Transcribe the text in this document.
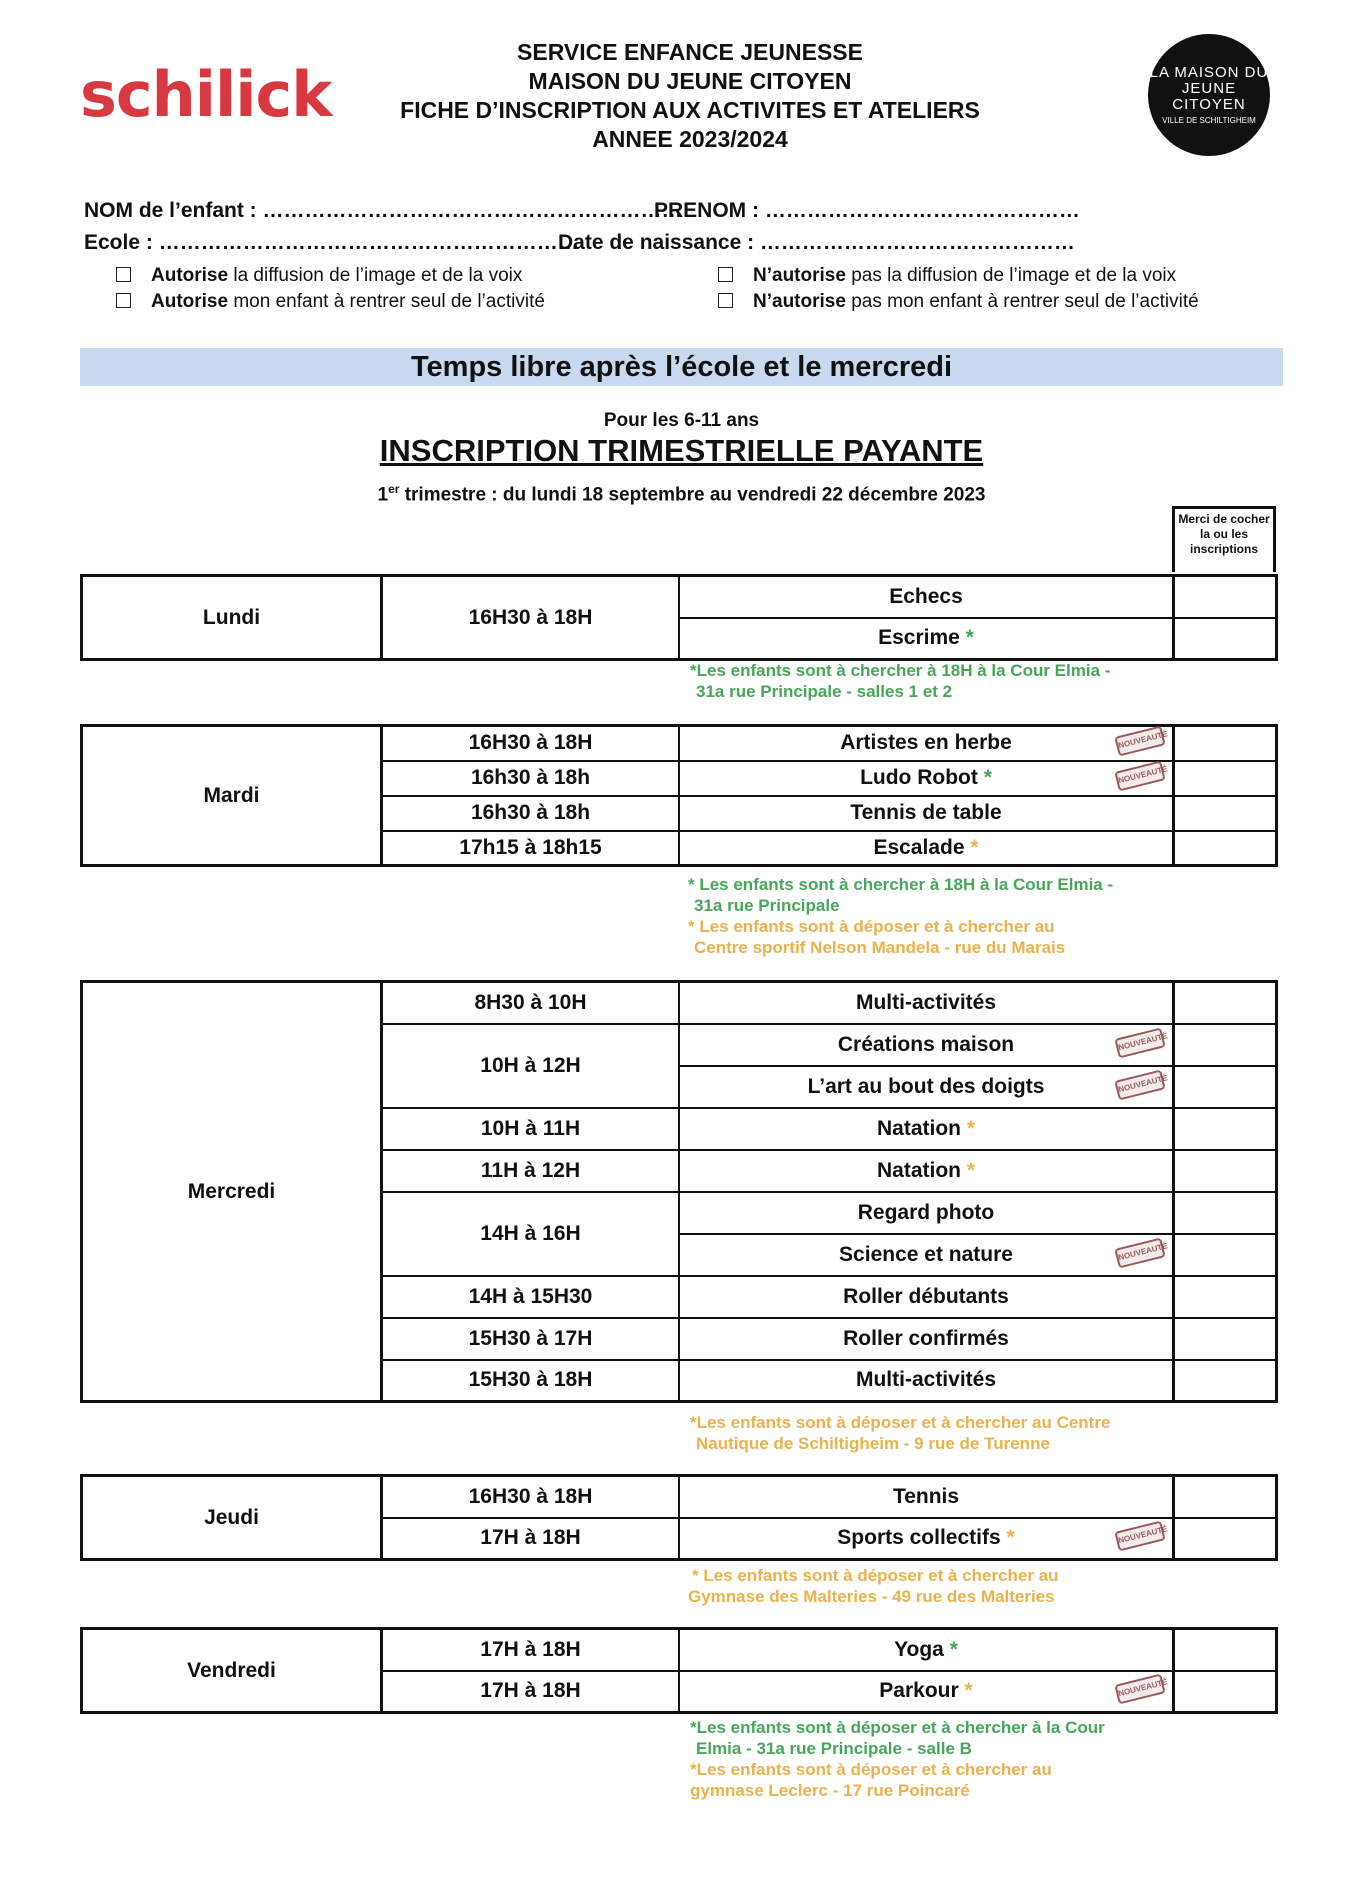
schilick
SERVICE ENFANCE JEUNESSE
MAISON DU JEUNE CITOYEN
FICHE D’INSCRIPTION AUX ACTIVITES ET ATELIERS
ANNEE 2023/2024
LA MAISON DU JEUNE CITOYEN
VILLE DE SCHILTIGHEIM
NOM de l’enfant : ……………………………………………………
PRENOM : ………………………………………
Ecole : ……………………………………………………
Date de naissance : ………………………………………
Autorise la diffusion de l’image et de la voix	N’autorise pas la diffusion de l’image et de la voix
Autorise mon enfant à rentrer seul de l’activité	N’autorise pas mon enfant à rentrer seul de l’activité
Temps libre après l’école et le mercredi
Pour les 6-11 ans
INSCRIPTION TRIMESTRIELLE PAYANTE
1er trimestre : du lundi 18 septembre au vendredi 22 décembre 2023
Merci de cocher la ou les inscriptions
Lundi	16H30 à 18H	Echecs	
		Escrime *	
*Les enfants sont à chercher à 18H à la Cour Elmia -
31a rue Principale - salles 1 et 2
Mardi	16H30 à 18H	Artistes en herbe NOUVEAUTÉ	

	16h30 à 18h	Ludo Robot * NOUVEAUTÉ	

	16h30 à 18h	Tennis de table	
	17h15 à 18h15	Escalade *	
* Les enfants sont à chercher à 18H à la Cour Elmia -
31a rue Principale
* Les enfants sont à déposer et à chercher au
Centre sportif Nelson Mandela - rue du Marais
Mercredi	8H30 à 10H	Multi-activités	
	10H à 12H	Créations maison NOUVEAUTÉ	

		L’art au bout des doigts NOUVEAUTÉ	

	10H à 11H	Natation *	
	11H à 12H	Natation *	
	14H à 16H	Regard photo	
		Science et nature NOUVEAUTÉ	

	14H à 15H30	Roller débutants	
	15H30 à 17H	Roller confirmés	
	15H30 à 18H	Multi-activités	
*Les enfants sont à déposer et à chercher au Centre
Nautique de Schiltigheim - 9 rue de Turenne
Jeudi	16H30 à 18H	Tennis	
	17H à 18H	Sports collectifs * NOUVEAUTÉ	

* Les enfants sont à déposer et à chercher au
Gymnase des Malteries - 49 rue des Malteries
Vendredi	17H à 18H	Yoga *	
	17H à 18H	Parkour * NOUVEAUTÉ	

*Les enfants sont à déposer et à chercher à la Cour
Elmia - 31a rue Principale - salle B
*Les enfants sont à déposer et à chercher au
gymnase Leclerc - 17 rue Poincaré
